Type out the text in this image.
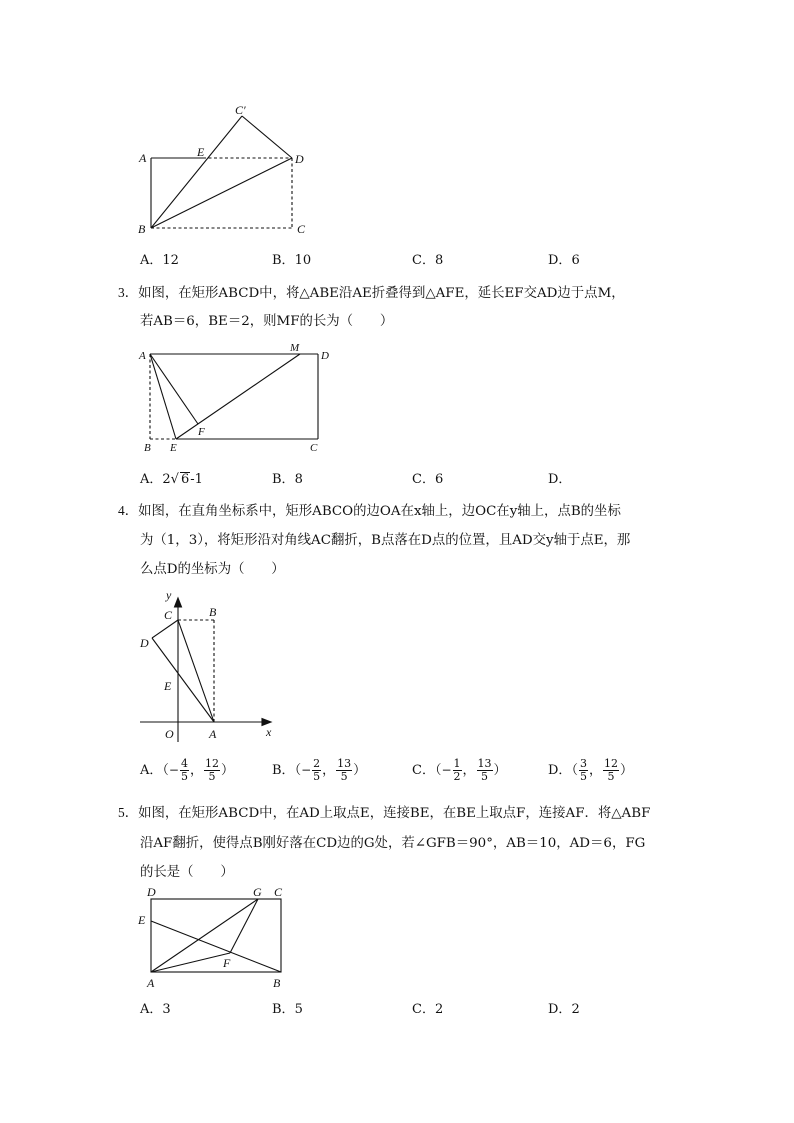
C′
A	E	D
B	C
A．12	B．10	C．8	D．6
3．如图，在矩形ABCD中，将△ABE沿AE折叠得到△AFE，延长EF交AD边于点M，
若AB＝6，BE＝2，则MF的长为（　　）
A
M
D
F
B E	C
A．2√ 6-1	B．8	C．6	D．
4．如图，在直角坐标系中，矩形ABCO的边OA在x轴上，边OC在y轴上，点B的坐标
为（1，3），将矩形沿对角线AC翻折，B点落在D点的位置，且AD交y轴于点E，那
么点D的坐标为（　　）
y
C	B
D
E
O	A	x
A．（− $\frac{4}{5}$ ， $\frac{12}{5}$ ）	B．（− $\frac{2}{5}$ ， $\frac{13}{5}$ ）	C．（− $\frac{1}{2}$ ， $\frac{13}{5}$ ）	D．（ $\frac{3}{5}$ ， $\frac{12}{5}$ ）
5．如图，在矩形ABCD中，在AD上取点E，连接BE，在BE上取点F，连接AF．将△ABF
沿AF翻折，使得点B刚好落在CD边的G处，若∠GFB＝90°，AB＝10，AD＝6，FG
的长是（　　）
D	G C
E
F
A	B
A．3	B．5	C．2	D．2
